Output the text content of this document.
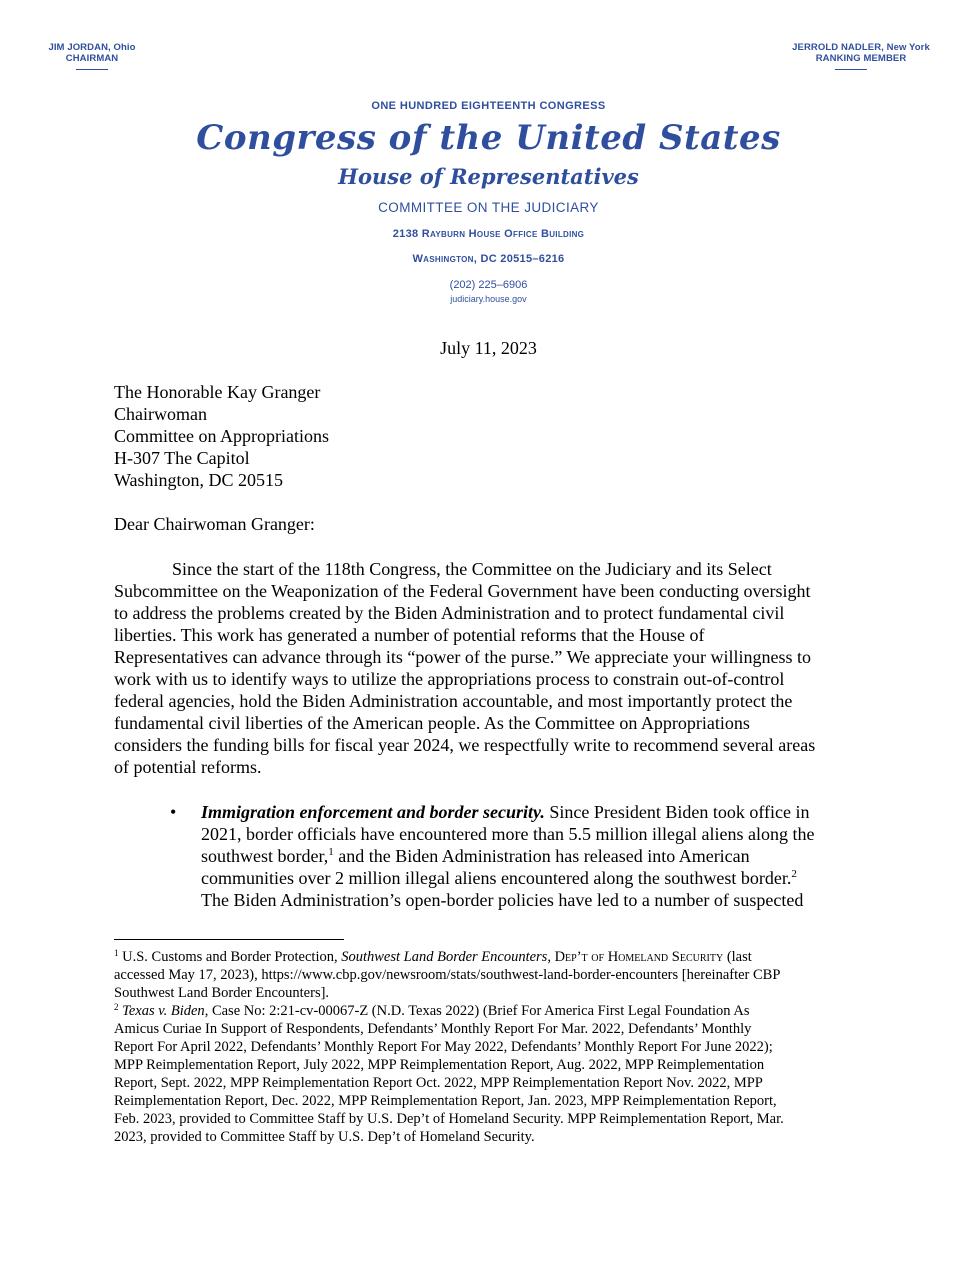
JIM JORDAN, Ohio
CHAIRMAN
JERROLD NADLER, New York
RANKING MEMBER
ONE HUNDRED EIGHTEENTH CONGRESS
Congress of the United States
House of Representatives
COMMITTEE ON THE JUDICIARY
2138 Rayburn House Office Building
Washington, DC 20515–6216
(202) 225–6906
judiciary.house.gov
July 11, 2023
The Honorable Kay Granger
Chairwoman
Committee on Appropriations
H-307 The Capitol
Washington, DC 20515
Dear Chairwoman Granger:
Since the start of the 118th Congress, the Committee on the Judiciary and its Select
Subcommittee on the Weaponization of the Federal Government have been conducting oversight
to address the problems created by the Biden Administration and to protect fundamental civil
liberties. This work has generated a number of potential reforms that the House of
Representatives can advance through its “power of the purse.” We appreciate your willingness to
work with us to identify ways to utilize the appropriations process to constrain out-of-control
federal agencies, hold the Biden Administration accountable, and most importantly protect the
fundamental civil liberties of the American people. As the Committee on Appropriations
considers the funding bills for fiscal year 2024, we respectfully write to recommend several areas
of potential reforms.
• Immigration enforcement and border security. Since President Biden took office in
2021, border officials have encountered more than 5.5 million illegal aliens along the
southwest border,$^1$ and the Biden Administration has released into American
communities over 2 million illegal aliens encountered along the southwest border.$^2$
The Biden Administration’s open-border policies have led to a number of suspected
$^1$ U.S. Customs and Border Protection, Southwest Land Border Encounters, Dep’t of Homeland Security (last
accessed May 17, 2023), https://www.cbp.gov/newsroom/stats/southwest-land-border-encounters [hereinafter CBP
Southwest Land Border Encounters].
$^2$ Texas v. Biden, Case No: 2:21-cv-00067-Z (N.D. Texas 2022) (Brief For America First Legal Foundation As
Amicus Curiae In Support of Respondents, Defendants’ Monthly Report For Mar. 2022, Defendants’ Monthly
Report For April 2022, Defendants’ Monthly Report For May 2022, Defendants’ Monthly Report For June 2022);
MPP Reimplementation Report, July 2022, MPP Reimplementation Report, Aug. 2022, MPP Reimplementation
Report, Sept. 2022, MPP Reimplementation Report Oct. 2022, MPP Reimplementation Report Nov. 2022, MPP
Reimplementation Report, Dec. 2022, MPP Reimplementation Report, Jan. 2023, MPP Reimplementation Report,
Feb. 2023, provided to Committee Staff by U.S. Dep’t of Homeland Security. MPP Reimplementation Report, Mar.
2023, provided to Committee Staff by U.S. Dep’t of Homeland Security.
